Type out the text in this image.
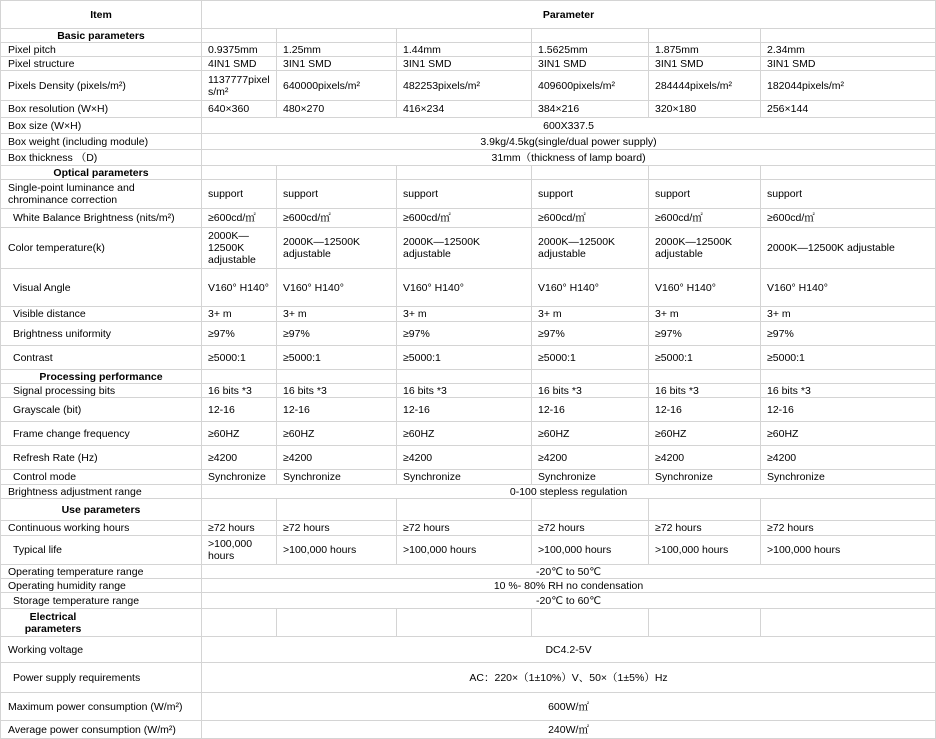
Item	Parameter					
Basic parameters						
Pixel pitch	0.9375mm	1.25mm	1.44mm	1.5625mm	1.875mm	2.34mm
Pixel structure	4IN1 SMD	3IN1 SMD	3IN1 SMD	3IN1 SMD	3IN1 SMD	3IN1 SMD
Pixels Density (pixels/m²)	1137777pixels/m²	640000pixels/m²	482253pixels/m²	409600pixels/m²	284444pixels/m²	182044pixels/m²
Box resolution (W×H)	640×360	480×270	416×234	384×216	320×180	256×144
Box size (W×H)	600X337.5					
Box weight (including module)	3.9kg/4.5kg(single/dual power supply)					
Box thickness （D)	31mm（thickness of lamp board)					
Optical parameters						
Single-point luminance and chrominance correction	support	support	support	support	support	support
White Balance Brightness (nits/m²)	≥600cd/㎡	≥600cd/㎡	≥600cd/㎡	≥600cd/㎡	≥600cd/㎡	≥600cd/㎡
Color temperature(k)	2000K—12500K adjustable	2000K—12500K adjustable	2000K—12500K adjustable	2000K—12500K adjustable	2000K—12500K adjustable	2000K—12500K adjustable
Visual Angle	V160° H140°	V160° H140°	V160° H140°	V160° H140°	V160° H140°	V160° H140°
Visible distance	3+ m	3+ m	3+ m	3+ m	3+ m	3+ m
Brightness uniformity	≥97%	≥97%	≥97%	≥97%	≥97%	≥97%
Contrast	≥5000:1	≥5000:1	≥5000:1	≥5000:1	≥5000:1	≥5000:1
Processing performance						
Signal processing bits	16 bits *3	16 bits *3	16 bits *3	16 bits *3	16 bits *3	16 bits *3
Grayscale (bit)	12-16	12-16	12-16	12-16	12-16	12-16
Frame change frequency	≥60HZ	≥60HZ	≥60HZ	≥60HZ	≥60HZ	≥60HZ
Refresh Rate (Hz)	≥4200	≥4200	≥4200	≥4200	≥4200	≥4200
Control mode	Synchronize	Synchronize	Synchronize	Synchronize	Synchronize	Synchronize
Brightness adjustment range	0-100 stepless regulation					
Use parameters						
Continuous working hours	≥72 hours	≥72 hours	≥72 hours	≥72 hours	≥72 hours	≥72 hours
Typical life	>100,000 hours	>100,000 hours	>100,000 hours	>100,000 hours	>100,000 hours	>100,000 hours
Operating temperature range	-20℃ to 50℃					
Operating humidity range	10 %- 80% RH no condensation					
Storage temperature range	-20℃ to 60℃					

Electrical parameters						

Working voltage	DC4.2-5V					
Power supply requirements	AC：220×（1±10%）V、50×（1±5%）Hz					
Maximum power consumption (W/m²)	600W/㎡					
Average power consumption (W/m²)	240W/㎡					
